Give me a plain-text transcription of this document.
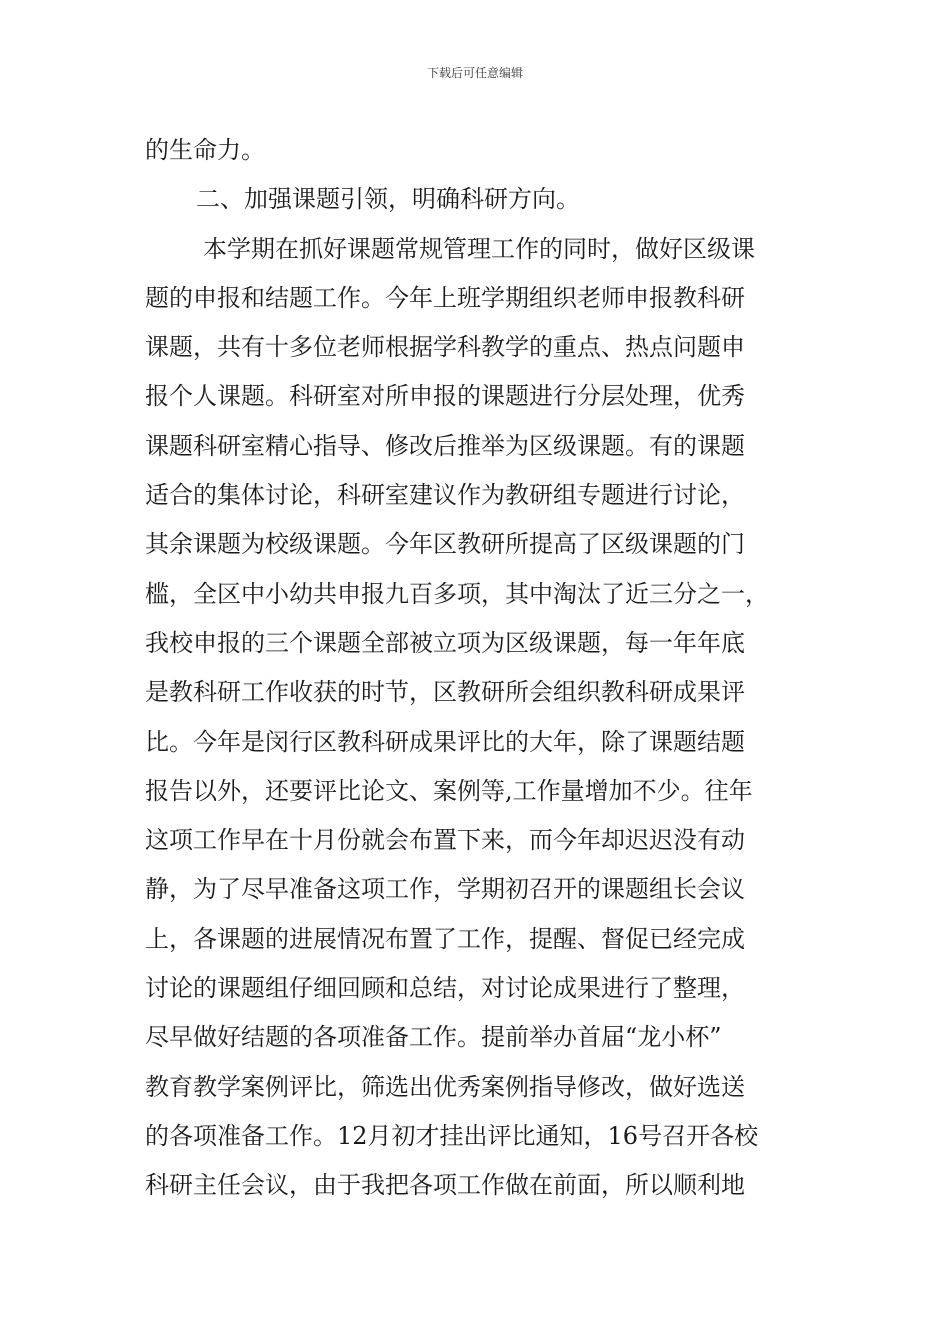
下载后可任意编辑
的生命力。
二、加强课题引领，明确科研方向。
本学期在抓好课题常规管理工作的同时，做好区级课
题的申报和结题工作。今年上班学期组织老师申报教科研
课题，共有十多位老师根据学科教学的重点、热点问题申
报个人课题。科研室对所申报的课题进行分层处理，优秀
课题科研室精心指导、修改后推举为区级课题。有的课题
适合的集体讨论，科研室建议作为教研组专题进行讨论，
其余课题为校级课题。今年区教研所提高了区级课题的门
槛，全区中小幼共申报九百多项，其中淘汰了近三分之一，
我校申报的三个课题全部被立项为区级课题，每一年年底
是教科研工作收获的时节，区教研所会组织教科研成果评
比。今年是闵行区教科研成果评比的大年，除了课题结题
报告以外，还要评比论文、案例等,工作量增加不少。往年
这项工作早在十月份就会布置下来，而今年却迟迟没有动
静，为了尽早准备这项工作，学期初召开的课题组长会议
上，各课题的进展情况布置了工作，提醒、督促已经完成
讨论的课题组仔细回顾和总结，对讨论成果进行了整理，
尽早做好结题的各项准备工作。提前举办首届“龙小杯”
教育教学案例评比，筛选出优秀案例指导修改，做好选送
的各项准备工作。12月初才挂出评比通知，16号召开各校
科研主任会议，由于我把各项工作做在前面，所以顺利地
